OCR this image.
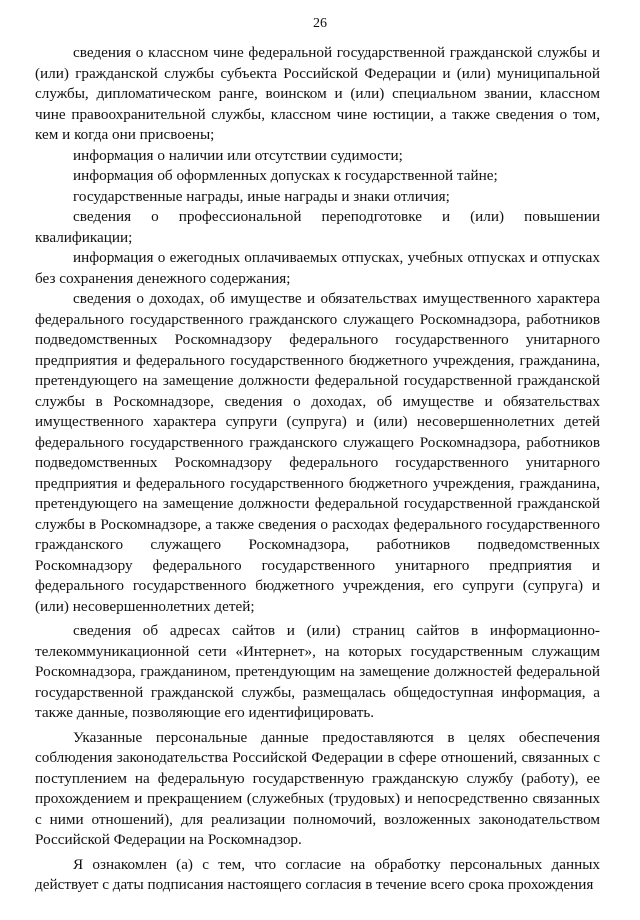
26

сведения о классном чине федеральной государственной гражданской службы и (или) гражданской службы субъекта Российской Федерации и (или) муниципальной службы, дипломатическом ранге, воинском и (или) специальном звании, классном чине правоохранительной службы, классном чине юстиции, а также сведения о том, кем и когда они присвоены;

информация о наличии или отсутствии судимости;

информация об оформленных допусках к государственной тайне;

государственные награды, иные награды и знаки отличия;

сведения о профессиональной переподготовке и (или) повышении квалификации;

информация о ежегодных оплачиваемых отпусках, учебных отпусках и отпусках без сохранения денежного содержания;

сведения о доходах, об имуществе и обязательствах имущественного характера федерального государственного гражданского служащего Роскомнадзора, работников подведомственных Роскомнадзору федерального государственного унитарного предприятия и федерального государственного бюджетного учреждения, гражданина, претендующего на замещение должности федеральной государственной гражданской службы в Роскомнадзоре, сведения о доходах, об имуществе и обязательствах имущественного характера супруги (супруга) и (или) несовершеннолетних детей федерального государственного гражданского служащего Роскомнадзора, работников подведомственных Роскомнадзору федерального государственного унитарного предприятия и федерального государственного бюджетного учреждения, гражданина, претендующего на замещение должности федеральной государственной гражданской службы в Роскомнадзоре, а также сведения о расходах федерального государственного гражданского служащего Роскомнадзора, работников подведомственных Роскомнадзору федерального государственного унитарного предприятия и федерального государственного бюджетного учреждения, его супруги (супруга) и (или) несовершеннолетних детей;

сведения об адресах сайтов и (или) страниц сайтов в информационно-телекоммуникационной сети «Интернет», на которых государственным служащим Роскомнадзора, гражданином, претендующим на замещение должностей федеральной государственной гражданской службы, размещалась общедоступная информация, а также данные, позволяющие его идентифицировать.

Указанные персональные данные предоставляются в целях обеспечения соблюдения законодательства Российской Федерации в сфере отношений, связанных с поступлением на федеральную государственную гражданскую службу (работу), ее прохождением и прекращением (служебных (трудовых) и непосредственно связанных с ними отношений), для реализации полномочий, возложенных законодательством Российской Федерации на Роскомнадзор.

Я ознакомлен (а) с тем, что согласие на обработку персональных данных действует с даты подписания настоящего согласия в течение всего срока прохождения
